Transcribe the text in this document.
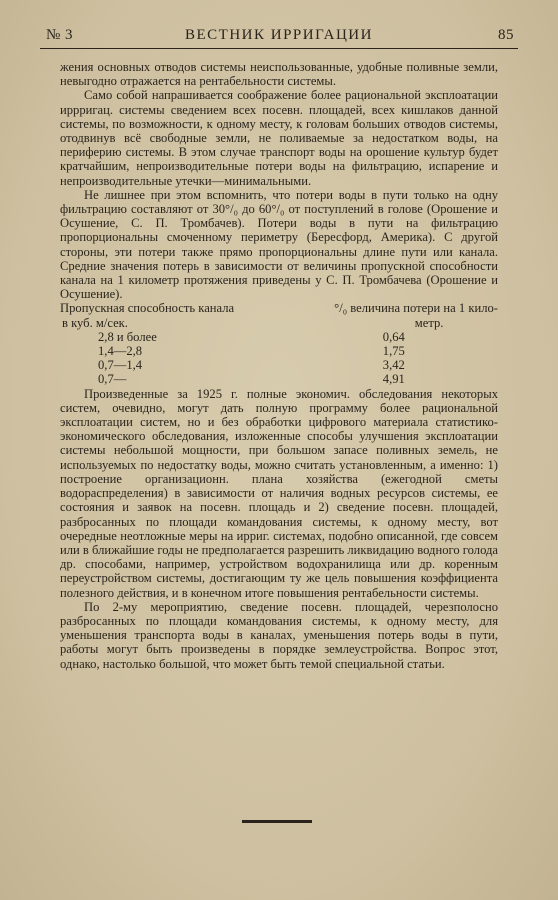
№ 3	ВЕСТНИК ИРРИГАЦИИ	85

жения основных отводов системы неиспользованные, удобные поливные земли, невыгодно отражается на рентабельности системы.

Само собой напрашивается соображение более рациональной эксплоатации иррригац. системы сведением всех посевн. площадей, всех кишлаков данной системы, по возможности, к одному месту, к головам больших отводов системы, отодвинув всё свободные земли, не поливаемые за недостатком воды, на периферию системы. В этом случае транспорт воды на орошение культур будет кратчайшим, непроизводительные потери воды на фильтрацию, испарение и непроизводительные утечки—минимальными.

Не лишнее при этом вспомнить, что потери воды в пути только на одну фильтрацию составляют от 30°/₀ до 60°/₀ от поступлений в голове (Орошение и Осушение, С. П. Тромбачев). Потери воды в пути на фильтрацию пропорциональны смоченному периметру (Бересфорд, Америка). С другой стороны, эти потери также прямо пропорциональны длине пути или канала. Средние значения потерь в зависимости от величины пропускной способности канала на 1 километр протяжения приведены у С. П. Тромбачева (Орошение и Осушение).

Пропускная способность канала	°/₀ величина потери на 1 кило-
в куб. м/сек.	метр.
2,8 и более	0,64
1,4—2,8	1,75
0,7—1,4	3,42
0,7—	4,91

Произведенные за 1925 г. полные экономич. обследования некоторых систем, очевидно, могут дать полную программу более рациональной эксплоатации систем, но и без обработки цифрового материала статистико-экономического обследования, изложенные способы улучшения эксплоатации системы небольшой мощности, при большом запасе поливных земель, не используемых по недостатку воды, можно считать установленным, а именно: 1) построение организационн. плана хозяйства (ежегодной сметы водораспределения) в зависимости от наличия водных ресурсов системы, ее состояния и заявок на посевн. площадь и 2) сведение посевн. площадей, разбросанных по площади командования системы, к одному месту, вот очередные неотложные меры на ирриг. системах, подобно описанной, где совсем или в ближайшие годы не предполагается разрешить ликвидацию водного голода др. способами, например, устройством водохранилища или др. коренным переустройством системы, достигающим ту же цель повышения коэффициента полезного действия, и в конечном итоге повышения рентабельности системы.

По 2-му мероприятию, сведение посевн. площадей, черезполосно разбросанных по площади командования системы, к одному месту, для уменьшения транспорта воды в каналах, уменьшения потерь воды в пути, работы могут быть произведены в порядке землеустройства. Вопрос этот, однако, настолько большой, что может быть темой специальной статьи.
